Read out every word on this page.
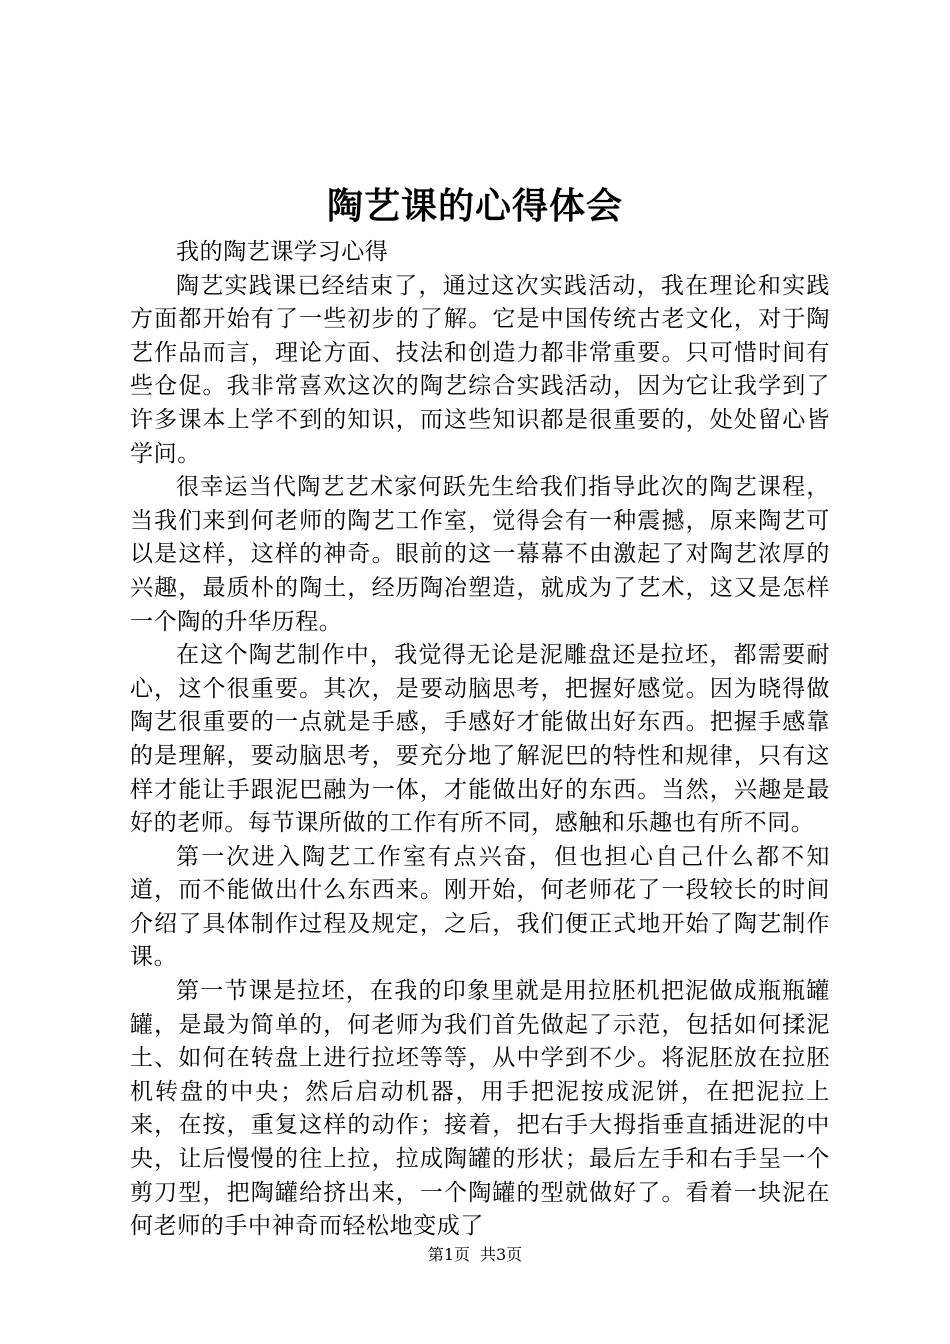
陶艺课的心得体会

我的陶艺课学习心得

陶艺实践课已经结束了，通过这次实践活动，我在理论和实践方面都开始有了一些初步的了解。它是中国传统古老文化，对于陶艺作品而言，理论方面、技法和创造力都非常重要。只可惜时间有些仓促。我非常喜欢这次的陶艺综合实践活动，因为它让我学到了许多课本上学不到的知识，而这些知识都是很重要的，处处留心皆学问。

很幸运当代陶艺艺术家何跃先生给我们指导此次的陶艺课程，当我们来到何老师的陶艺工作室，觉得会有一种震撼，原来陶艺可以是这样，这样的神奇。眼前的这一幕幕不由激起了对陶艺浓厚的兴趣，最质朴的陶土，经历陶冶塑造，就成为了艺术，这又是怎样一个陶的升华历程。

在这个陶艺制作中，我觉得无论是泥雕盘还是拉坯，都需要耐心，这个很重要。其次，是要动脑思考，把握好感觉。因为晓得做陶艺很重要的一点就是手感，手感好才能做出好东西。把握手感靠的是理解，要动脑思考，要充分地了解泥巴的特性和规律，只有这样才能让手跟泥巴融为一体，才能做出好的东西。当然，兴趣是最好的老师。每节课所做的工作有所不同，感触和乐趣也有所不同。

第一次进入陶艺工作室有点兴奋，但也担心自己什么都不知道，而不能做出什么东西来。刚开始，何老师花了一段较长的时间介绍了具体制作过程及规定，之后，我们便正式地开始了陶艺制作课。

第一节课是拉坯，在我的印象里就是用拉胚机把泥做成瓶瓶罐罐，是最为简单的，何老师为我们首先做起了示范，包括如何揉泥土、如何在转盘上进行拉坯等等，从中学到不少。将泥胚放在拉胚机转盘的中央；然后启动机器，用手把泥按成泥饼，在把泥拉上来，在按，重复这样的动作；接着，把右手大拇指垂直插进泥的中央，让后慢慢的往上拉，拉成陶罐的形状；最后左手和右手呈一个剪刀型，把陶罐给挤出来，一个陶罐的型就做好了。看着一块泥在何老师的手中神奇而轻松地变成了

第1页 共3页
